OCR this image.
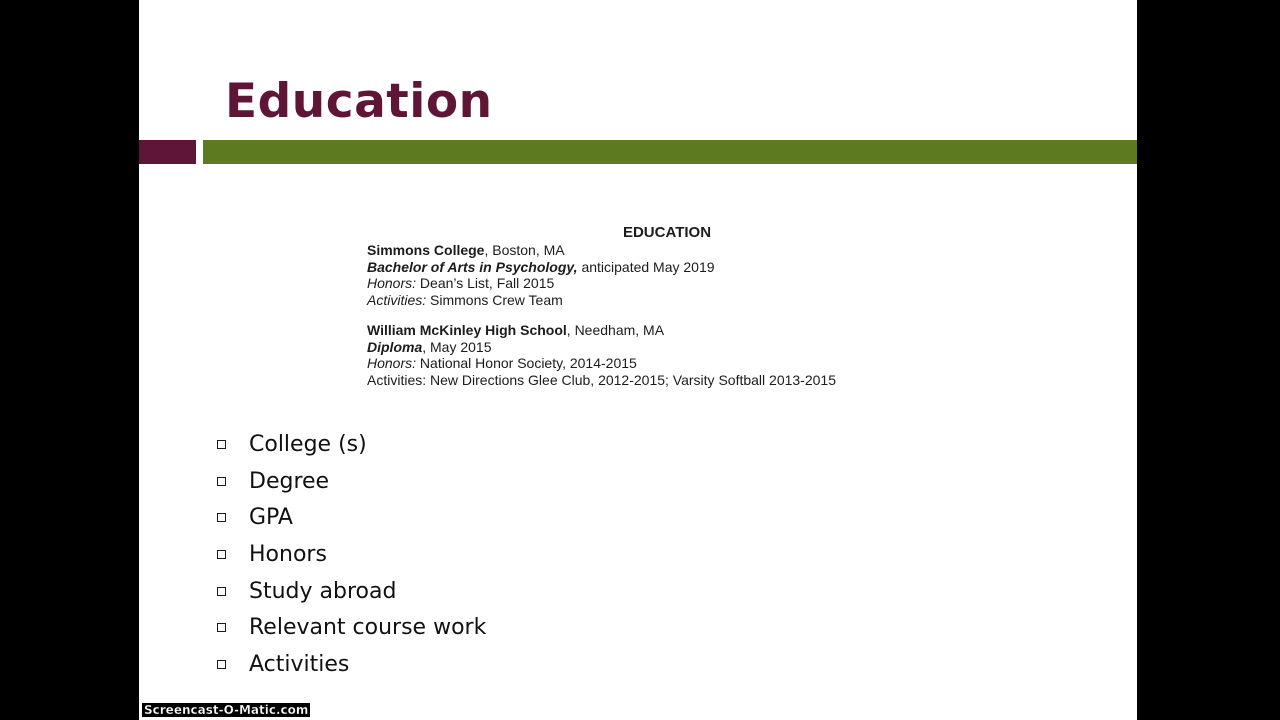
Education
EDUCATION
Simmons College, Boston, MA
Bachelor of Arts in Psychology, anticipated May 2019
Honors: Dean’s List, Fall 2015
Activities: Simmons Crew Team
William McKinley High School, Needham, MA
Diploma, May 2015
Honors: National Honor Society, 2014-2015
Activities: New Directions Glee Club, 2012-2015; Varsity Softball 2013-2015
College (s)
Degree
GPA
Honors
Study abroad
Relevant course work
Activities
Screencast-O-Matic.com
